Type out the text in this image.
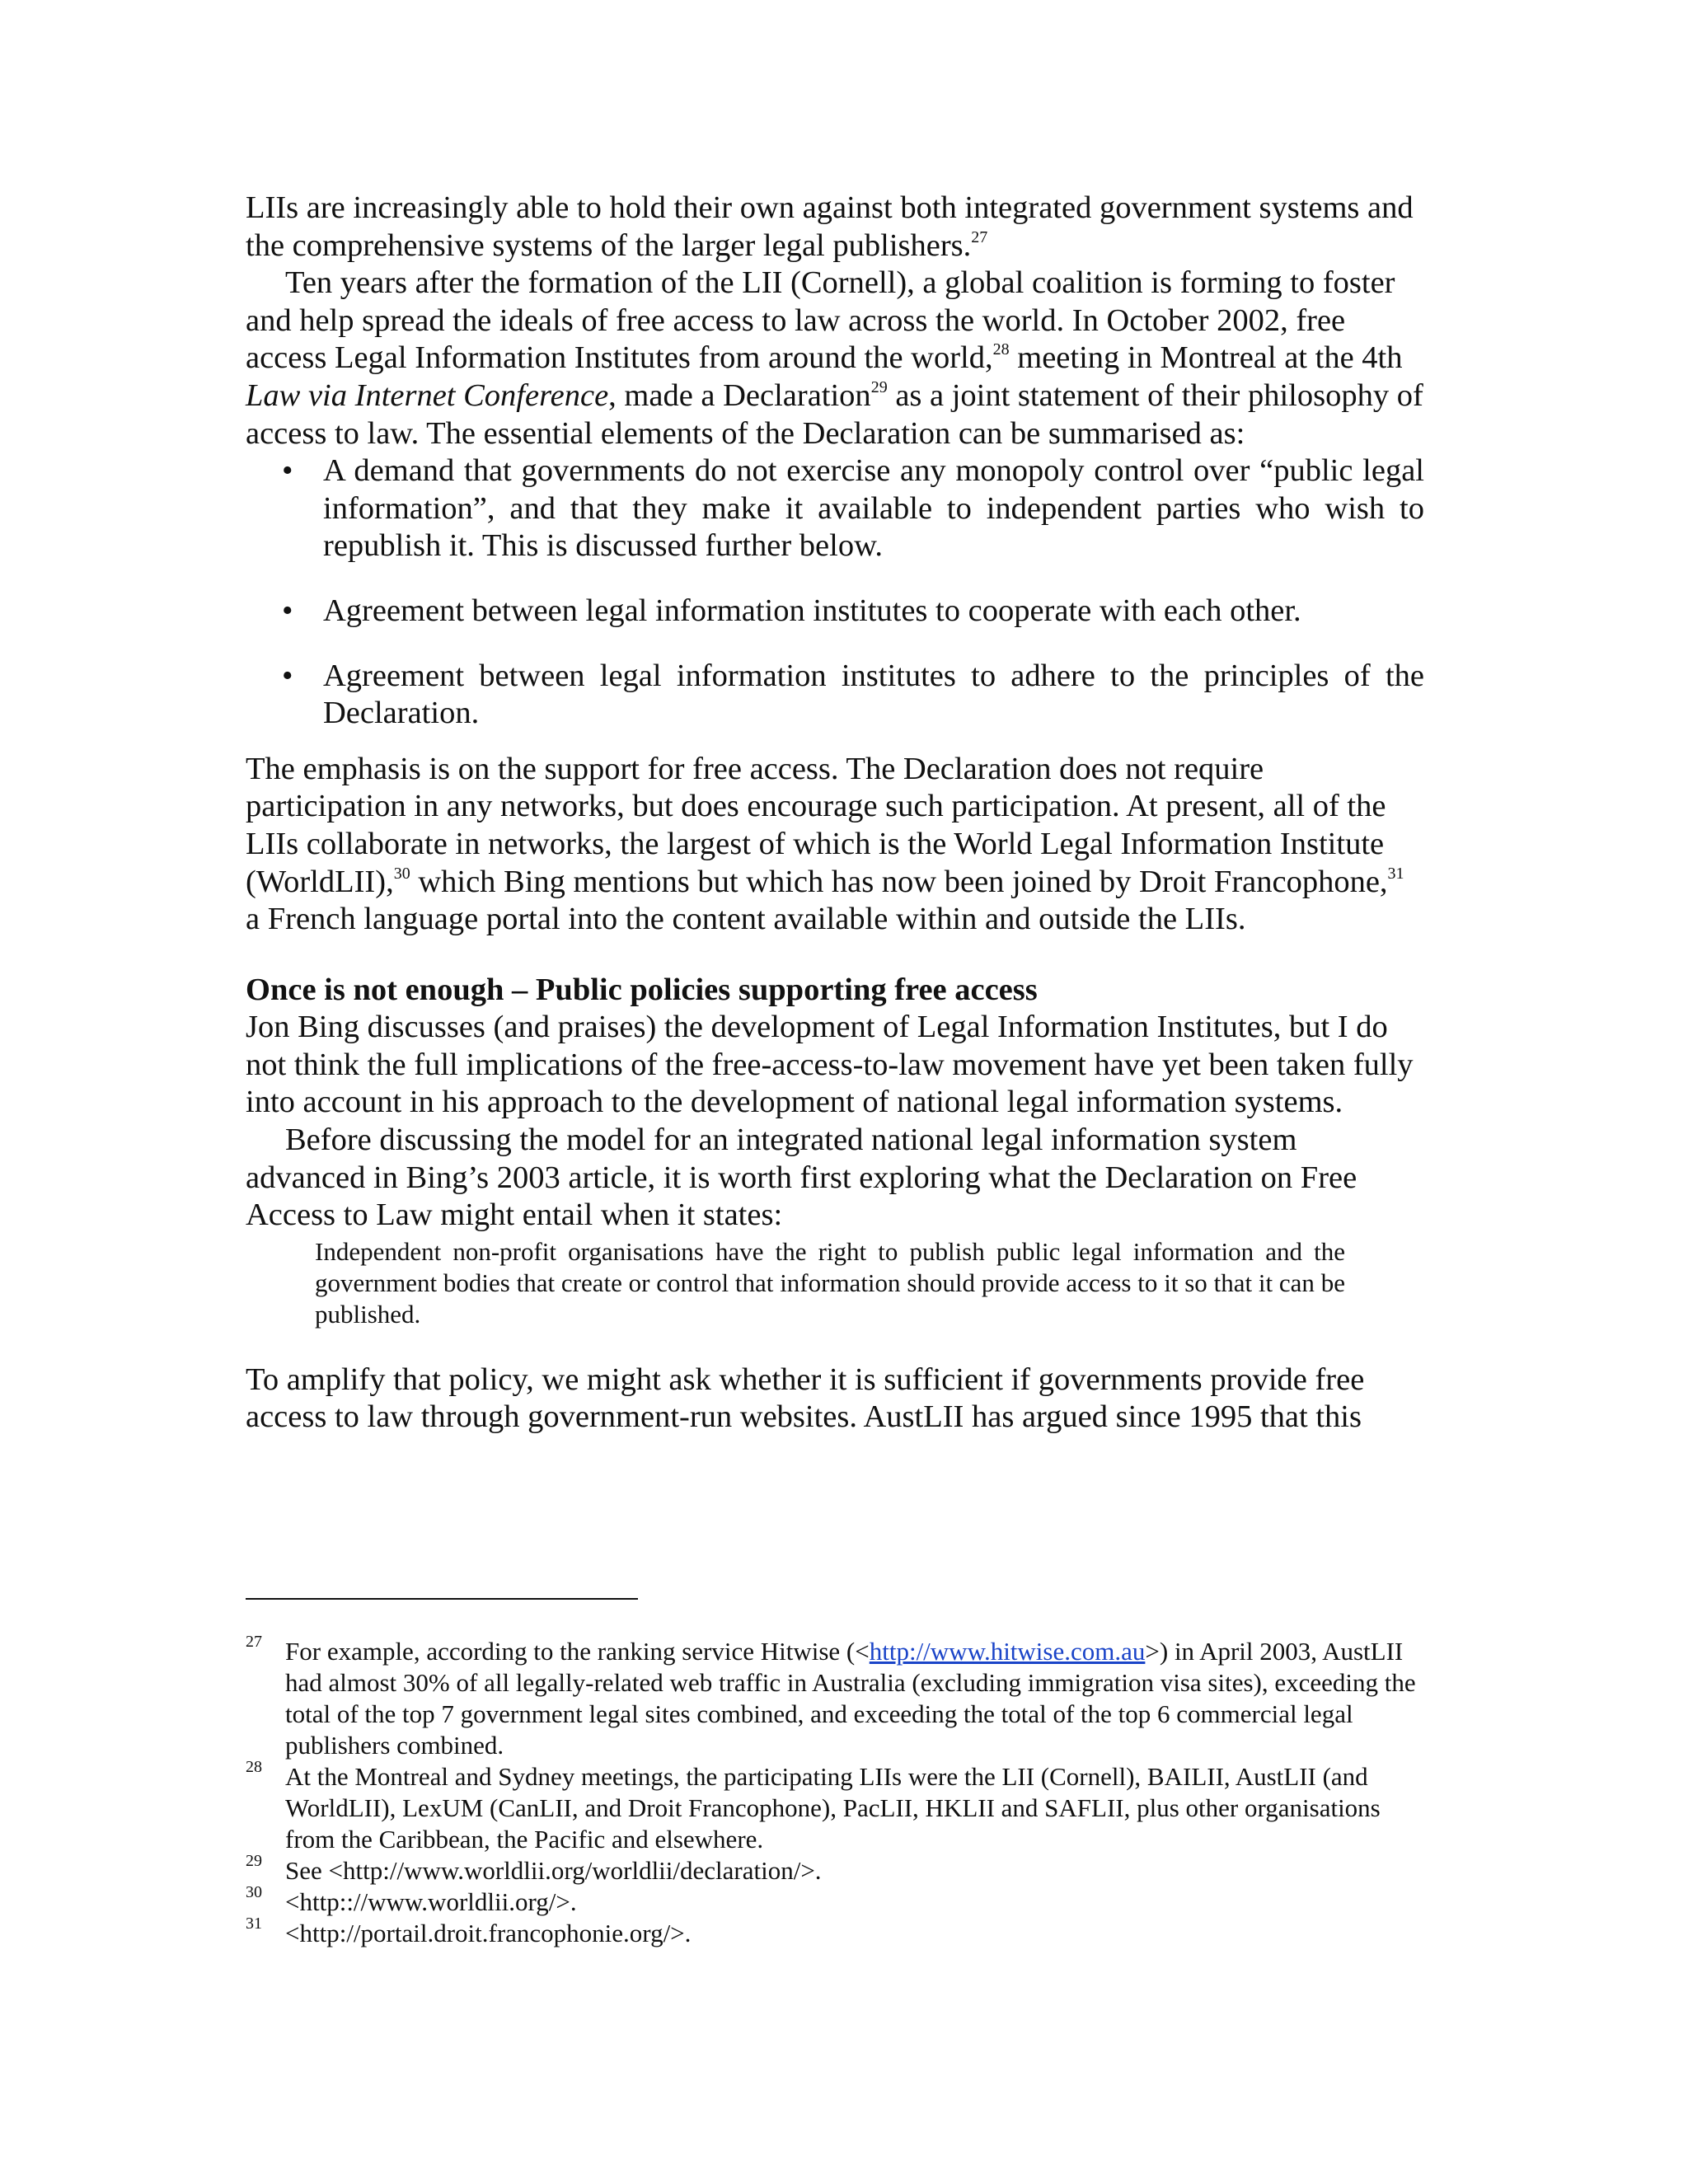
LIIs are increasingly able to hold their own against both integrated government systems and the comprehensive systems of the larger legal publishers.$^{27}$

Ten years after the formation of the LII (Cornell), a global coalition is forming to foster and help spread the ideals of free access to law across the world. In October 2002, free access Legal Information Institutes from around the world,$^{28}$ meeting in Montreal at the 4th Law via Internet Conference, made a Declaration$^{29}$ as a joint statement of their philosophy of access to law. The essential elements of the Declaration can be summarised as:

• A demand that governments do not exercise any monopoly control over “public legal information”, and that they make it available to independent parties who wish to republish it. This is discussed further below.
• Agreement between legal information institutes to cooperate with each other.
• Agreement between legal information institutes to adhere to the principles of the Declaration.

The emphasis is on the support for free access. The Declaration does not require participation in any networks, but does encourage such participation. At present, all of the LIIs collaborate in networks, the largest of which is the World Legal Information Institute (WorldLII),$^{30}$ which Bing mentions but which has now been joined by Droit Francophone,$^{31}$ a French language portal into the content available within and outside the LIIs.

Once is not enough – Public policies supporting free access

Jon Bing discusses (and praises) the development of Legal Information Institutes, but I do not think the full implications of the free-access-to-law movement have yet been taken fully into account in his approach to the development of national legal information systems.

Before discussing the model for an integrated national legal information system advanced in Bing’s 2003 article, it is worth first exploring what the Declaration on Free Access to Law might entail when it states:

Independent non-profit organisations have the right to publish public legal information and the government bodies that create or control that information should provide access to it so that it can be published.

To amplify that policy, we might ask whether it is sufficient if governments provide free access to law through government-run websites. AustLII has argued since 1995 that this

27 For example, according to the ranking service Hitwise (<http://www.hitwise.com.au>) in April 2003, AustLII had almost 30% of all legally-related web traffic in Australia (excluding immigration visa sites), exceeding the total of the top 7 government legal sites combined, and exceeding the total of the top 6 commercial legal publishers combined.
28 At the Montreal and Sydney meetings, the participating LIIs were the LII (Cornell), BAILII, AustLII (and WorldLII), LexUM (CanLII, and Droit Francophone), PacLII, HKLII and SAFLII, plus other organisations from the Caribbean, the Pacific and elsewhere.
29 See <http://www.worldlii.org/worldlii/declaration/>.
30 <http:://www.worldlii.org/>.
31 <http://portail.droit.francophonie.org/>.
